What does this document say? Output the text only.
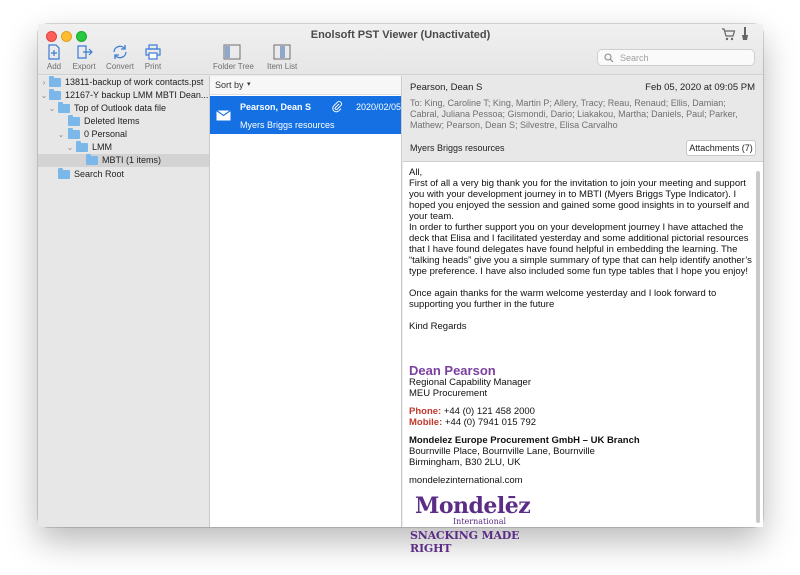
Enolsoft PST Viewer (Unactivated)
Add Export Convert	Print	Folder Tree Item List
Search
› 13811-backup of work contacts.pst
⌄ 12167-Y backup LMM MBTI Dean...
⌄ Top of Outlook data file
Deleted Items
⌄ 0 Personal
⌄ LMM
MBTI (1 items)
Search Root
Sort by ▾
Pearson, Dean S	2020/02/05
Myers Briggs resources
Pearson, Dean S	Feb 05, 2020 at 09:05 PM
To: King, Caroline T; King, Martin P; Allery, Tracy; Reau, Renaud; Ellis, Damian; Cabral, Juliana Pessoa; Gismondi, Dario; Liakakou, Martha; Daniels, Paul; Parker, Mathew; Pearson, Dean S; Silvestre, Elisa Carvalho
Myers Briggs resources	Attachments (7)

All,

First of all a very big thank you for the invitation to join your meeting and support you with your development journey in to MBTI (Myers Briggs Type Indicator). I hoped you enjoyed the session and gained some good insights in to yourself and your team.

In order to further support you on your development journey I have attached the deck that Elisa and I facilitated yesterday and some additional pictorial resources that I have found delegates have found helpful in embedding the learning. The “talking heads” give you a simple summary of type that can help identify another’s type preference. I have also included some fun type tables that I hope you enjoy!

Once again thanks for the warm welcome yesterday and I look forward to supporting you further in the future

Kind Regards

Dean Pearson
Regional Capability Manager
MEU Procurement
Phone: +44 (0) 121 458 2000
Mobile: +44 (0) 7941 015 792
Mondelez Europe Procurement GmbH – UK Branch
Bournville Place, Bournville Lane, Bournville
Birmingham, B30 2LU, UK
mondelezinternational.com
Mondelēz
International
SNACKING MADE RIGHT
